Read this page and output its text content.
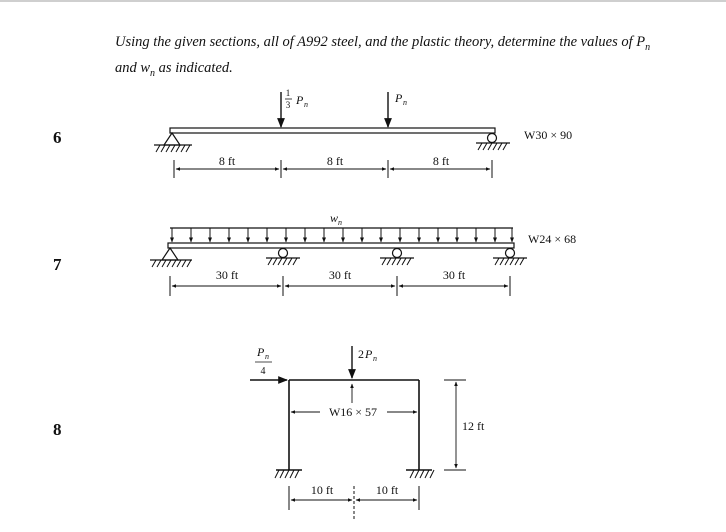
Using the given sections, all of A992 steel, and the plastic theory, determine the values of $P_n$ and $w_n$ as indicated.
6
7
8
1
3 P n	P n
8 ft	8 ft	8 ft
W30 × 90
w n
30 ft	30 ft	30 ft
W24 × 68
P n
4
2 P n
W16 × 57
12 ft
10 ft	10 ft
